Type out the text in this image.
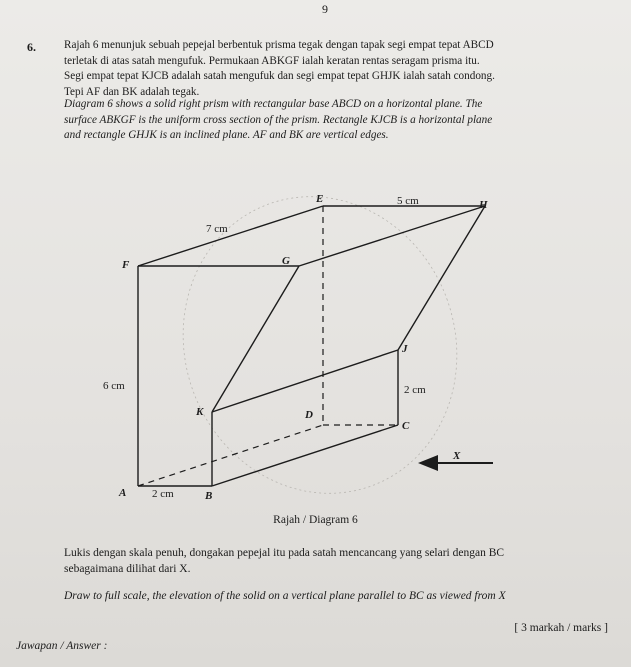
9
6.	Rajah 6 menunjuk sebuah pepejal berbentuk prisma tegak dengan tapak segi empat tepat ABCD

terletak di atas satah mengufuk. Permukaan ABKGF ialah keratan rentas seragam prisma itu.

Segi empat tepat KJCB adalah satah mengufuk dan segi empat tepat GHJK ialah satah condong.

Tepi AF dan BK adalah tegak.

Diagram 6 shows a solid right prism with rectangular base ABCD on a horizontal plane. The

surface ABKGF is the uniform cross section of the prism. Rectangle KJCB is a horizontal plane

and rectangle GHJK is an inclined plane. AF and BK are vertical edges.

A	B
C
D
E
F	G
H
J
K
7 cm
5 cm
6 cm
2 cm
2 cm
X
Rajah / Diagram 6
Lukis dengan skala penuh, dongakan pepejal itu pada satah mencancang yang selari dengan BC
sebagaimana dilihat dari X.
Draw to full scale, the elevation of the solid on a vertical plane parallel to BC as viewed from X
[ 3 markah / marks ]
Jawapan / Answer :
